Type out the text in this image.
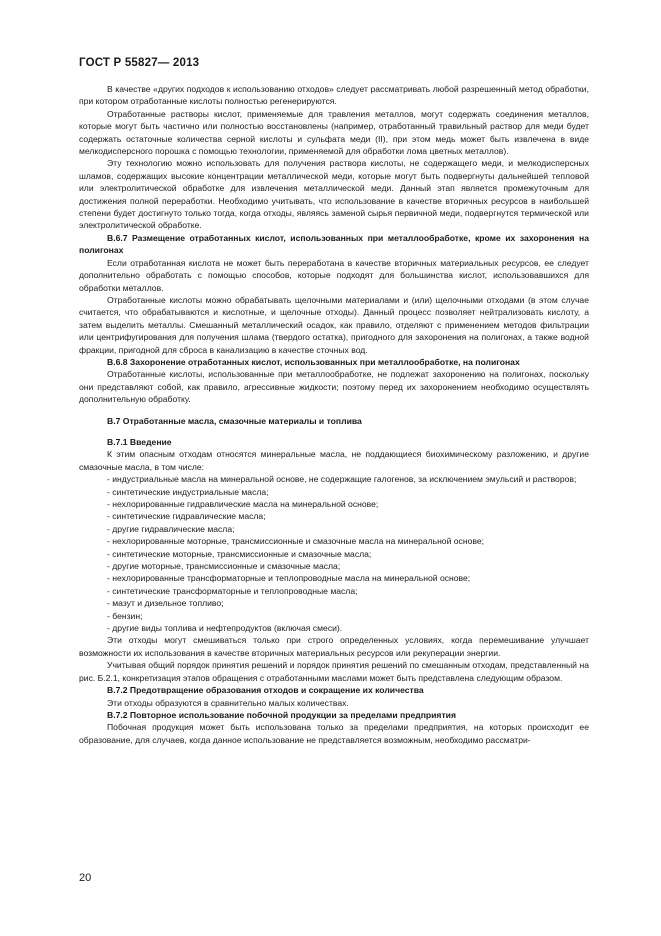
ГОСТ Р 55827— 2013

В качестве «других подходов к использованию отходов» следует рассматривать любой разрешенный метод обработки, при котором отработанные кислоты полностью регенерируются.

Отработанные растворы кислот, применяемые для травления металлов, могут содержать соединения металлов, которые могут быть частично или полностью восстановлены (например, отработанный травильный раствор для меди будет содержать остаточные количества серной кислоты и сульфата меди (II), при этом медь может быть извлечена в виде мелкодисперсного порошка с помощью технологии, применяемой для обработки лома цветных металлов).

Эту технологию можно использовать для получения раствора кислоты, не содержащего меди, и мелкодисперсных шламов, содержащих высокие концентрации металлической меди, которые могут быть подвергнуты дальнейшей тепловой или электролитической обработке для извлечения металлической меди. Данный этап является промежуточным для достижения полной переработки. Необходимо учитывать, что использование в качестве вторичных ресурсов в наибольшей степени будет достигнуто только тогда, когда отходы, являясь заменой сырья первичной меди, подвергнутся термической или электролитической обработке.

В.6.7 Размещение отработанных кислот, использованных при металлообработке, кроме их захоронения на полигонах

Если отработанная кислота не может быть переработана в качестве вторичных материальных ресурсов, ее следует дополнительно обработать с помощью способов, которые подходят для большинства кислот, использовавшихся для обработки металлов.

Отработанные кислоты можно обрабатывать щелочными материалами и (или) щелочными отходами (в этом случае считается, что обрабатываются и кислотные, и щелочные отходы). Данный процесс позволяет нейтрализовать кислоту, а затем выделить металлы. Смешанный металлический осадок, как правило, отделяют с применением методов фильтрации или центрифугирования для получения шлама (твердого остатка), пригодного для захоронения на полигонах, а также водной фракции, пригодной для сброса в канализацию в качестве сточных вод.

В.6.8 Захоронение отработанных кислот, использованных при металлообработке, на полигонах

Отработанные кислоты, использованные при металлообработке, не подлежат захоронению на полигонах, поскольку они представляют собой, как правило, агрессивные жидкости; поэтому перед их захоронением необходимо осуществлять дополнительную обработку.

В.7 Отработанные масла, смазочные материалы и топлива

В.7.1 Введение

К этим опасным отходам относятся минеральные масла, не поддающиеся биохимическому разложению, и другие смазочные масла, в том числе:

- индустриальные масла на минеральной основе, не содержащие галогенов, за исключением эмульсий и растворов;
- синтетические индустриальные масла;
- нехлорированные гидравлические масла на минеральной основе;
- синтетические гидравлические масла;
- другие гидравлические масла;
- нехлорированные моторные, трансмиссионные и смазочные масла на минеральной основе;
- синтетические моторные, трансмиссионные и смазочные масла;
- другие моторные, трансмиссионные и смазочные масла;
- нехлорированные трансформаторные и теплопроводные масла на минеральной основе;
- синтетические трансформаторные и теплопроводные масла;
- мазут и дизельное топливо;
- бензин;
- другие виды топлива и нефтепродуктов (включая смеси).

Эти отходы могут смешиваться только при строго определенных условиях, когда перемешивание улучшает возможности их использования в качестве вторичных материальных ресурсов или рекуперации энергии.

Учитывая общий порядок принятия решений и порядок принятия решений по смешанным отходам, представленный на рис. Б.2.1, конкретизация этапов обращения с отработанными маслами может быть представлена следующим образом.

В.7.2 Предотвращение образования отходов и сокращение их количества

Эти отходы образуются в сравнительно малых количествах.

В.7.2 Повторное использование побочной продукции за пределами предприятия

Побочная продукция может быть использована только за пределами предприятия, на которых происходит ее образование, для случаев, когда данное использование не представляется возможным, необходимо рассматри-

20
